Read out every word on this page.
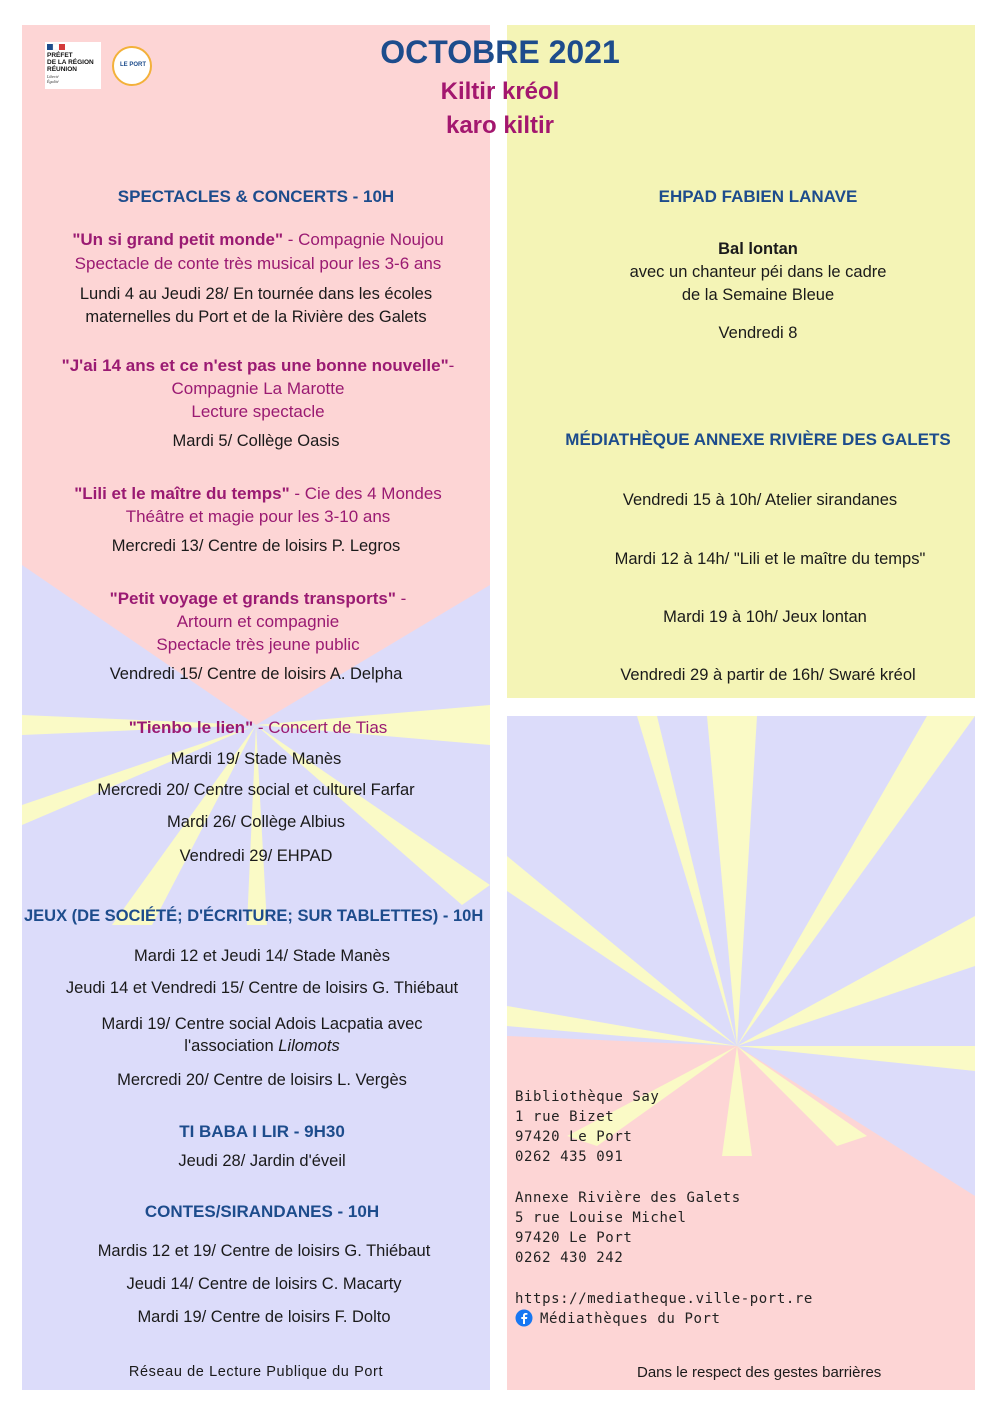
PRÉFET
DE LA RÉGION
RÉUNION
Liberté
Égalité
LE PORT	OCTOBRE 2021
Kiltir kréol
karo kiltir
SPECTACLES & CONCERTS - 10H
"Un si grand petit monde" - Compagnie Noujou
Spectacle de conte très musical pour les 3-6 ans
Lundi 4 au Jeudi 28/ En tournée dans les écoles
maternelles du Port et de la Rivière des Galets
"J'ai 14 ans et ce n'est pas une bonne nouvelle"-
Compagnie La Marotte
Lecture spectacle
Mardi 5/ Collège Oasis
"Lili et le maître du temps" - Cie des 4 Mondes
Théâtre et magie pour les 3-10 ans
Mercredi 13/ Centre de loisirs P. Legros
"Petit voyage et grands transports" -
Artourn et compagnie
Spectacle très jeune public
Vendredi 15/ Centre de loisirs A. Delpha
"Tienbo le lien" - Concert de Tias
Mardi 19/ Stade Manès
Mercredi 20/ Centre social et culturel Farfar
Mardi 26/ Collège Albius
Vendredi 29/ EHPAD
JEUX (DE SOCIÉTÉ; D'ÉCRITURE; SUR TABLETTES) - 10H
Mardi 12 et Jeudi 14/ Stade Manès
Jeudi 14 et Vendredi 15/ Centre de loisirs G. Thiébaut
Mardi 19/ Centre social Adois Lacpatia avec
l'association Lilomots
Mercredi 20/ Centre de loisirs L. Vergès
TI BABA I LIR - 9H30
Jeudi 28/ Jardin d'éveil
CONTES/SIRANDANES - 10H
Mardis 12 et 19/ Centre de loisirs G. Thiébaut
Jeudi 14/ Centre de loisirs C. Macarty
Mardi 19/ Centre de loisirs F. Dolto
Réseau de Lecture Publique du Port
EHPAD FABIEN LANAVE
Bal lontan
avec un chanteur péi dans le cadre
de la Semaine Bleue
Vendredi 8
MÉDIATHÈQUE ANNEXE RIVIÈRE DES GALETS
Vendredi 15 à 10h/ Atelier sirandanes
Mardi 12 à 14h/ "Lili et le maître du temps"
Mardi 19 à 10h/ Jeux lontan
Vendredi 29 à partir de 16h/ Swaré kréol
Bibliothèque Say
1 rue Bizet
97420 Le Port
0262 435 091
Annexe Rivière des Galets
5 rue Louise Michel
97420 Le Port
0262 430 242
https://mediatheque.ville-port.re
Médiathèques du Port
Dans le respect des gestes barrières
